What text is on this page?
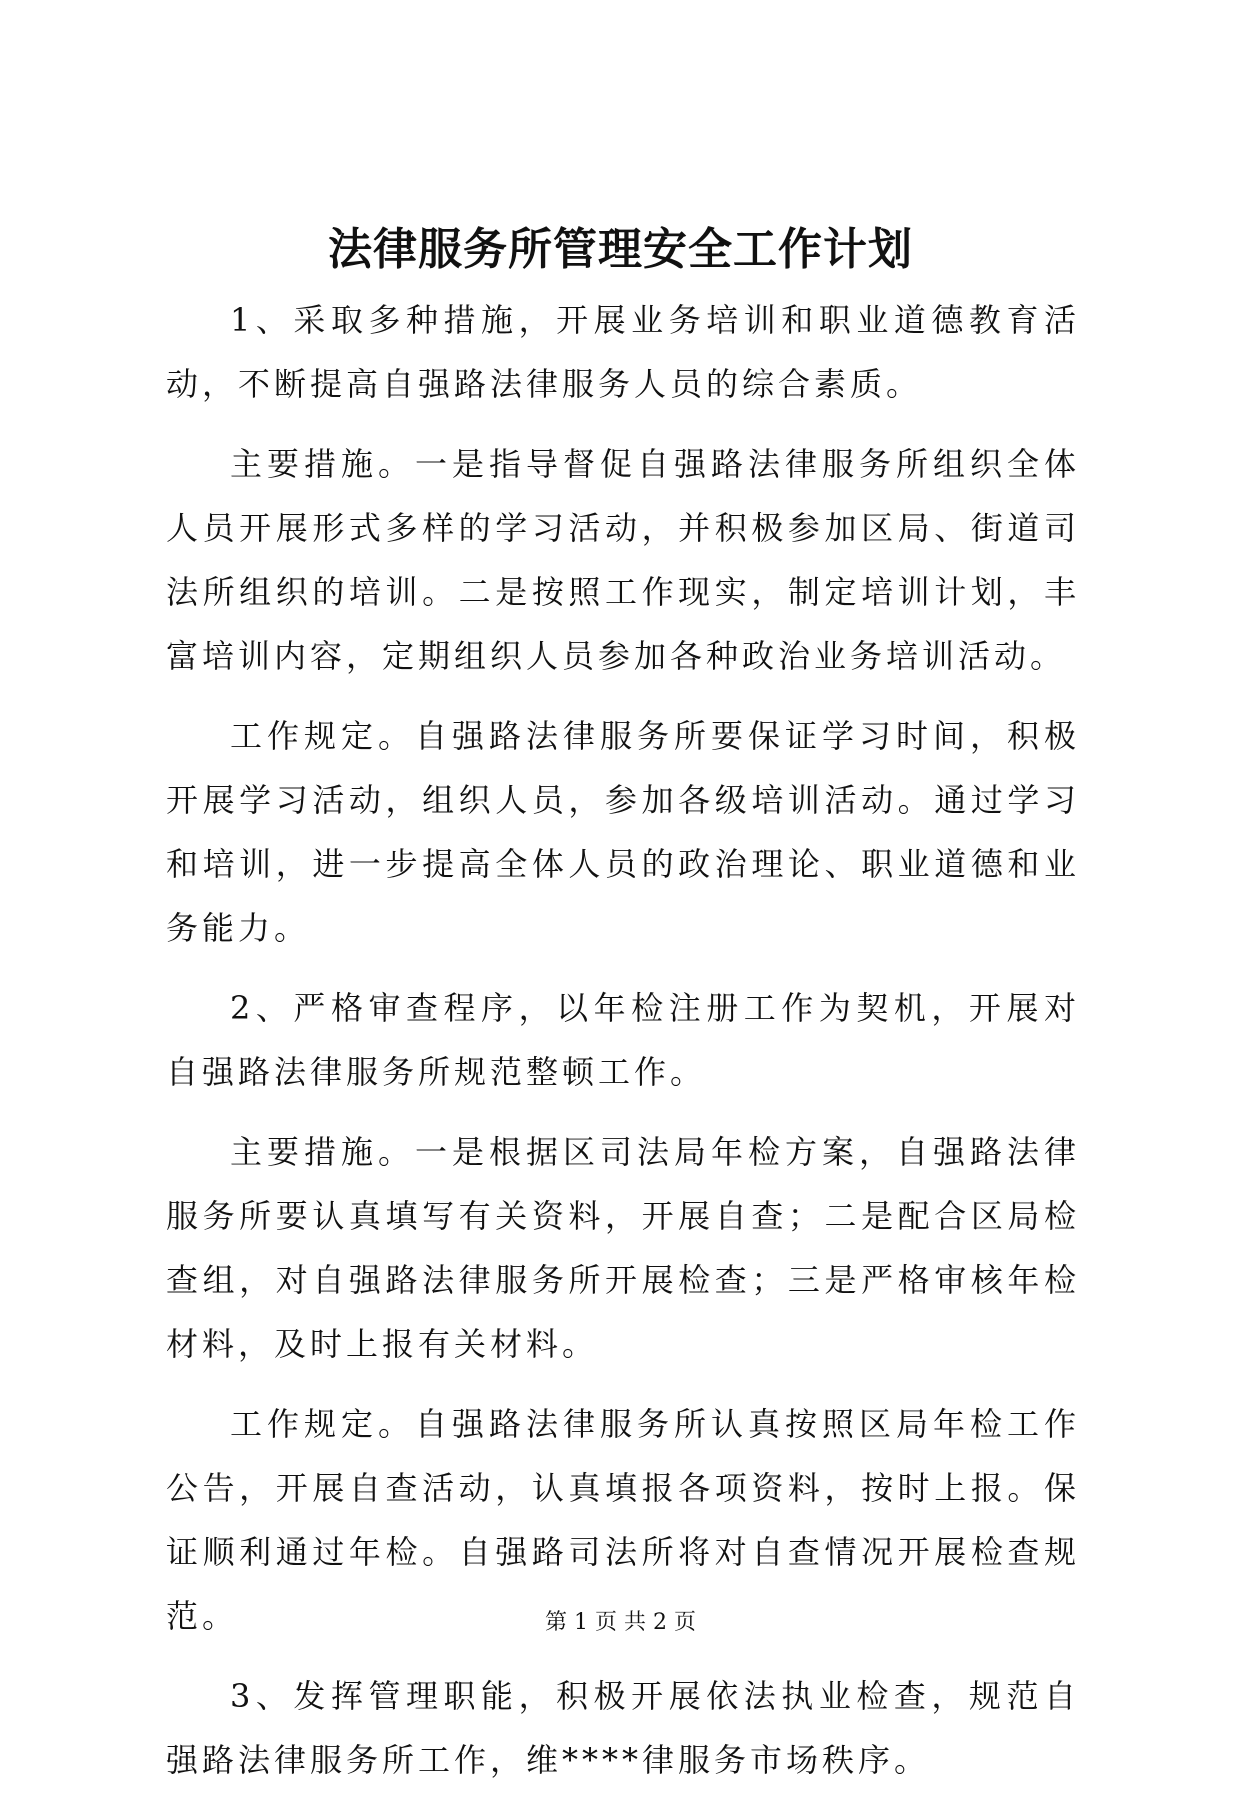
法律服务所管理安全工作计划

1、采取多种措施，开展业务培训和职业道德教育活动，不断提高自强路法律服务人员的综合素质。

主要措施。一是指导督促自强路法律服务所组织全体人员开展形式多样的学习活动，并积极参加区局、街道司法所组织的培训。二是按照工作现实，制定培训计划，丰富培训内容，定期组织人员参加各种政治业务培训活动。

工作规定。自强路法律服务所要保证学习时间，积极开展学习活动，组织人员，参加各级培训活动。通过学习和培训，进一步提高全体人员的政治理论、职业道德和业务能力。

2、严格审查程序，以年检注册工作为契机，开展对自强路法律服务所规范整顿工作。

主要措施。一是根据区司法局年检方案，自强路法律服务所要认真填写有关资料，开展自查；二是配合区局检查组，对自强路法律服务所开展检查；三是严格审核年检材料，及时上报有关材料。

工作规定。自强路法律服务所认真按照区局年检工作公告，开展自查活动，认真填报各项资料，按时上报。保证顺利通过年检。自强路司法所将对自查情况开展检查规范。

3、发挥管理职能，积极开展依法执业检查，规范自强路法律服务所工作，维****律服务市场秩序。

第 1 页 共 2 页
